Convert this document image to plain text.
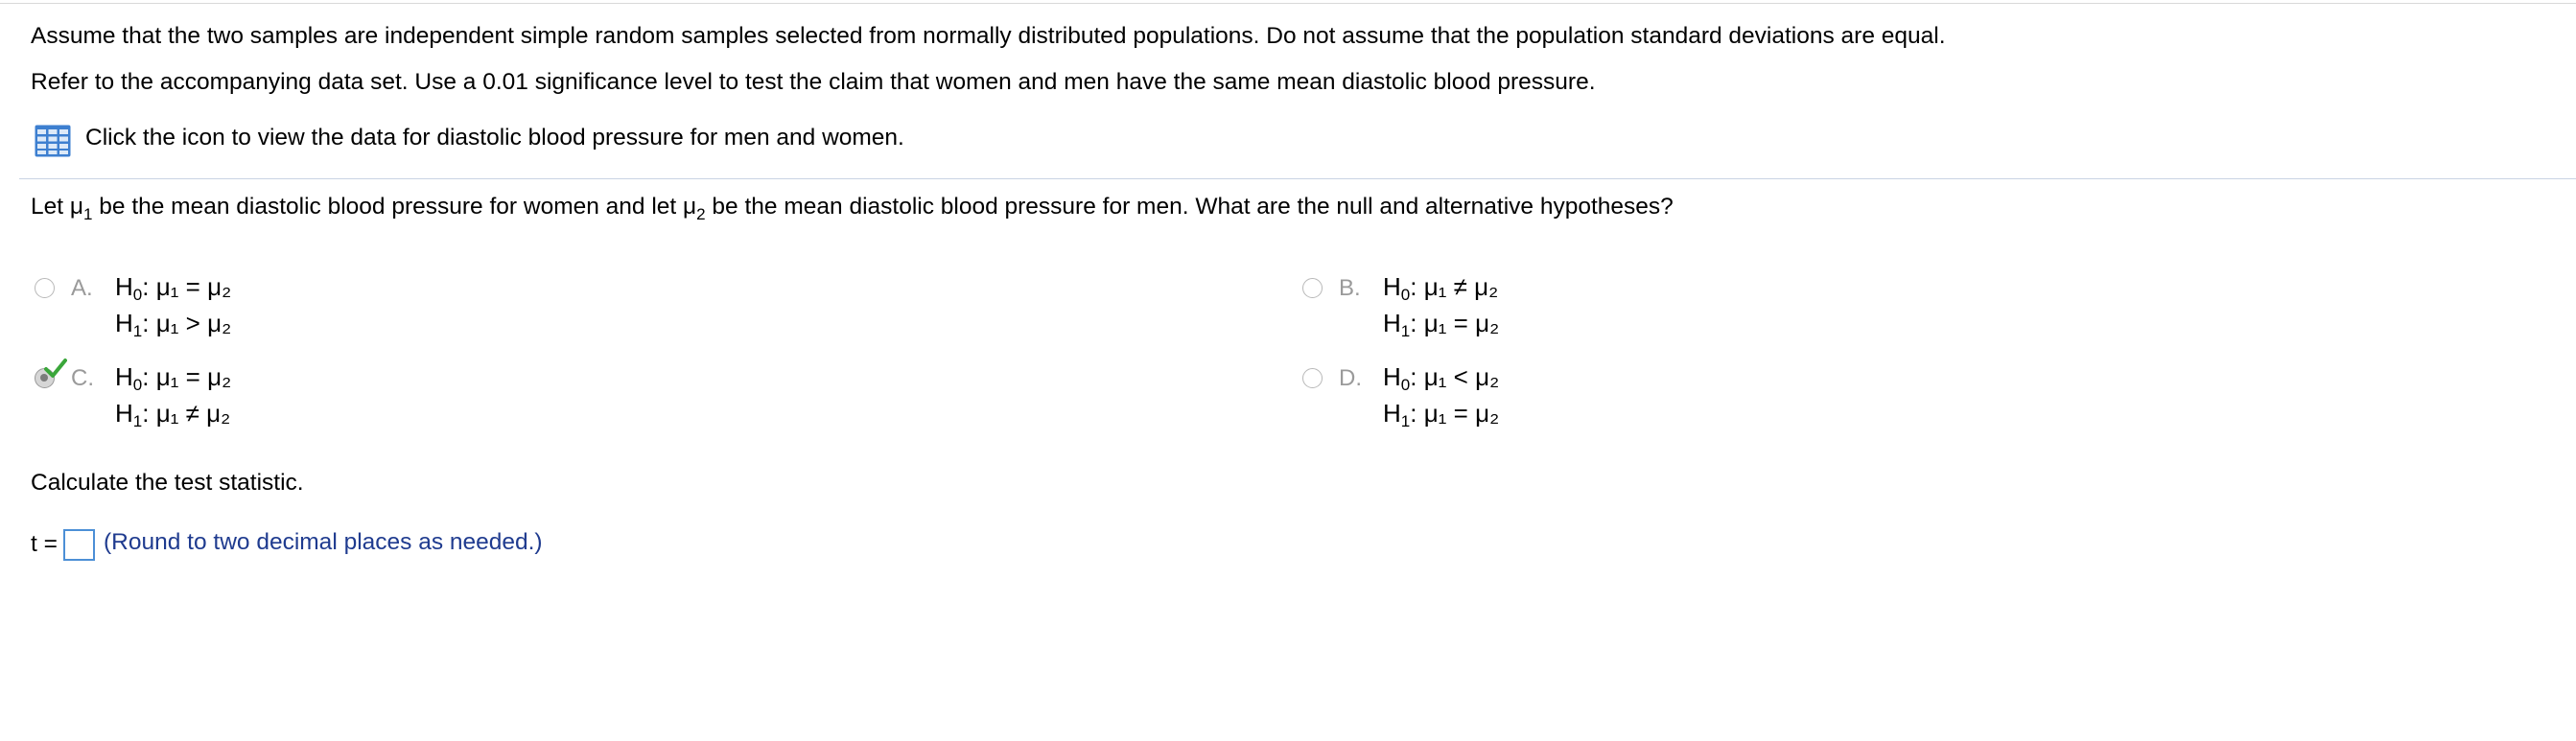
Assume that the two samples are independent simple random samples selected from normally distributed populations. Do not assume that the population standard deviations are equal.
Refer to the accompanying data set. Use a 0.01 significance level to test the claim that women and men have the same mean diastolic blood pressure.
Click the icon to view the data for diastolic blood pressure for men and women.
Let $\mu_1$ be the mean diastolic blood pressure for women and let $\mu_2$ be the mean diastolic blood pressure for men. What are the null and alternative hypotheses?
A. $H_0$: μ₁ = μ₂
$H_1$: μ₁ > μ₂
B. $H_0$: μ₁ ≠ μ₂
$H_1$: μ₁ = μ₂
C. $H_0$: μ₁ = μ₂
$H_1$: μ₁ ≠ μ₂
D. $H_0$: μ₁ < μ₂
$H_1$: μ₁ = μ₂
Calculate the test statistic.
t = (Round to two decimal places as needed.)
